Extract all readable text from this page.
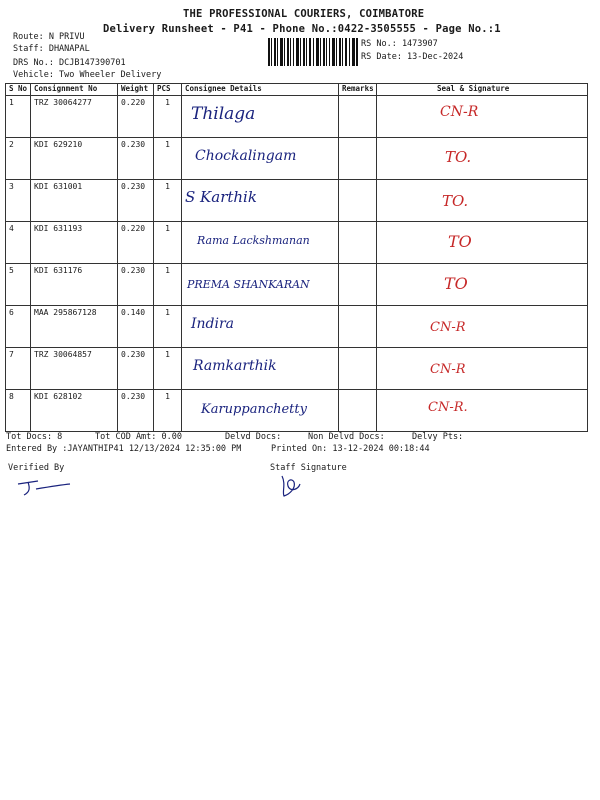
THE PROFESSIONAL COURIERS, COIMBATORE
Delivery Runsheet - P41 - Phone No.:0422-3505555 - Page No.:1
Route: N PRIVU
Staff: DHANAPAL
DRS No.: DCJB147390701
Vehicle: Two Wheeler Delivery
RS No.: 1473907
RS Date: 13-Dec-2024
S No	Consignment No	Weight	PCS	Consignee Details	Remarks	Seal & Signature
1	TRZ 30064277	0.220	1	Thilaga		CN-R
2	KDI 629210	0.230	1	Chockalingam		TO.
3	KDI 631001	0.230	1	S Karthik		TO.
4	KDI 631193	0.220	1	Rama Lackshmanan		TO
5	KDI 631176	0.230	1	PREMA SHANKARAN		TO
6	MAA 295867128	0.140	1	Indira		CN-R
7	TRZ 30064857	0.230	1	Ramkarthik		CN-R
8	KDI 628102	0.230	1	Karuppanchetty		CN-R.
Tot Docs: 8	Tot COD Amt: 0.00	Delvd Docs:	Non Delvd Docs:	Delvy Pts:
Entered By :JAYANTHIP41 12/13/2024 12:35:00 PM	Printed On: 13-12-2024 00:18:44
Verified By	Staff Signature
